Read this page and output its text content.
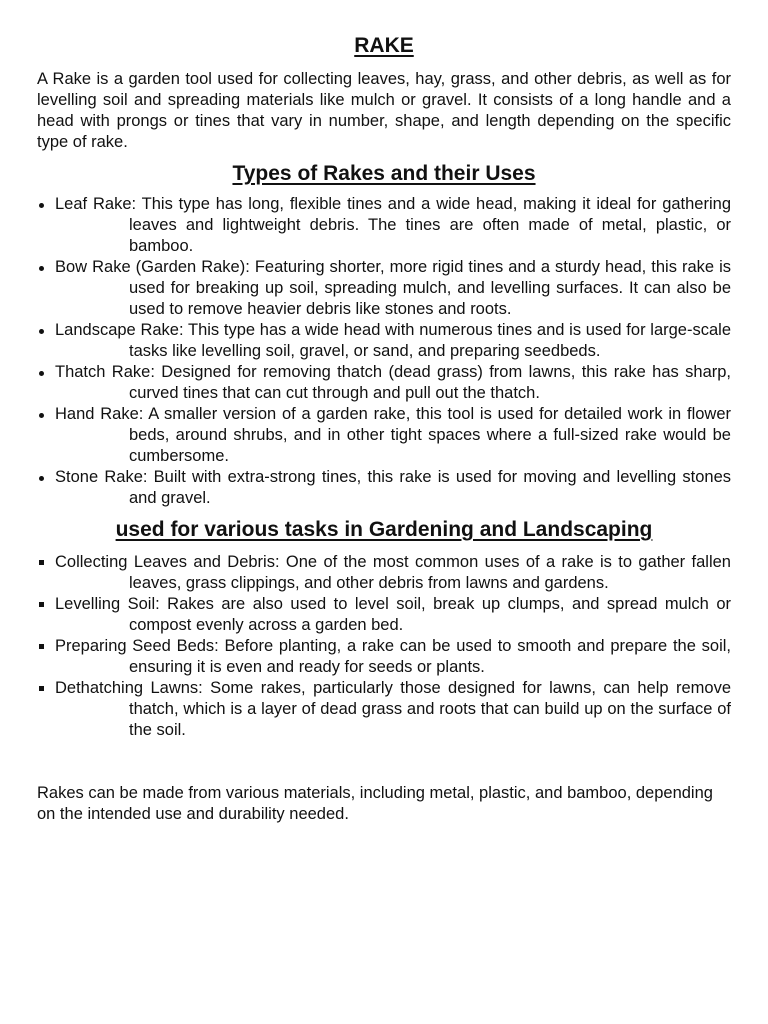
RAKE

A Rake is a garden tool used for collecting leaves, hay, grass, and other debris, as well as for levelling soil and spreading materials like mulch or gravel. It consists of a long handle and a head with prongs or tines that vary in number, shape, and length depending on the specific type of rake.

Types of Rakes and their Uses
Leaf Rake: This type has long, flexible tines and a wide head, making it ideal for gathering leaves and lightweight debris. The tines are often made of metal, plastic, or bamboo.
Bow Rake (Garden Rake): Featuring shorter, more rigid tines and a sturdy head, this rake is used for breaking up soil, spreading mulch, and levelling surfaces. It can also be used to remove heavier debris like stones and roots.
Landscape Rake: This type has a wide head with numerous tines and is used for large-scale tasks like levelling soil, gravel, or sand, and preparing seedbeds.
Thatch Rake: Designed for removing thatch (dead grass) from lawns, this rake has sharp, curved tines that can cut through and pull out the thatch.
Hand Rake: A smaller version of a garden rake, this tool is used for detailed work in flower beds, around shrubs, and in other tight spaces where a full-sized rake would be cumbersome.
Stone Rake: Built with extra-strong tines, this rake is used for moving and levelling stones and gravel.
used for various tasks in Gardening and Landscaping
Collecting Leaves and Debris: One of the most common uses of a rake is to gather fallen leaves, grass clippings, and other debris from lawns and gardens.
Levelling Soil: Rakes are also used to level soil, break up clumps, and spread mulch or compost evenly across a garden bed.
Preparing Seed Beds: Before planting, a rake can be used to smooth and prepare the soil, ensuring it is even and ready for seeds or plants.
Dethatching Lawns: Some rakes, particularly those designed for lawns, can help remove thatch, which is a layer of dead grass and roots that can build up on the surface of the soil.

Rakes can be made from various materials, including metal, plastic, and bamboo, depending on the intended use and durability needed.
